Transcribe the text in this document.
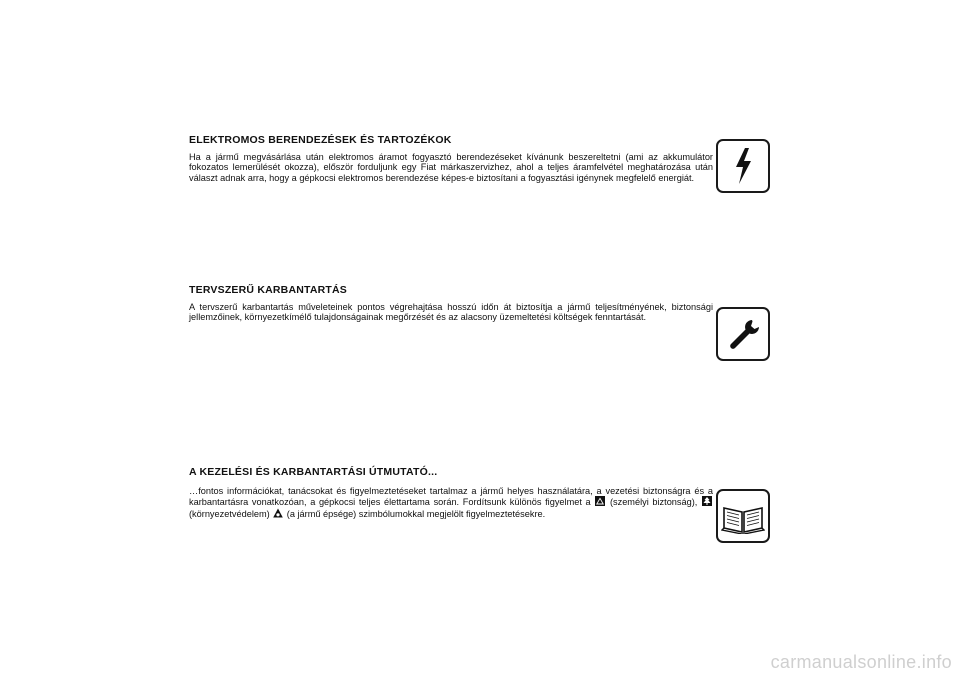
ELEKTROMOS BERENDEZÉSEK ÉS TARTOZÉKOK

Ha a jármű megvásárlása után elektromos áramot fogyasztó berendezéseket kívánunk beszereltetni (ami az akkumulátor fokozatos lemerülését okozza), először forduljunk egy Fiat márkaszervizhez, ahol a teljes áramfelvétel meghatározása után választ adnak arra, hogy a gépkocsi elektromos berendezése képes-e biztosítani a fogyasztási igénynek megfelelő energiát.

TERVSZERŰ KARBANTARTÁS

A tervszerű karbantartás műveleteinek pontos végrehajtása hosszú időn át biztosítja a jármű teljesítményének, biztonsági jellemzőinek, környezetkímélő tulajdonságainak megőrzését és az alacsony üzemeltetési költségek fenntartását.

A KEZELÉSI ÉS KARBANTARTÁSI ÚTMUTATÓ...

…fontos információkat, tanácsokat és figyelmeztetéseket tartalmaz a jármű helyes használatára, a vezetési biztonságra és a karbantartásra vonatkozóan, a gépkocsi teljes élettartama során. Fordítsunk különös figyelmet a  (személyi biztonság),  (környezetvédelem)  (a jármű épsége) szimbólumokkal megjelölt figyelmeztetésekre.

carmanualsonline.info
